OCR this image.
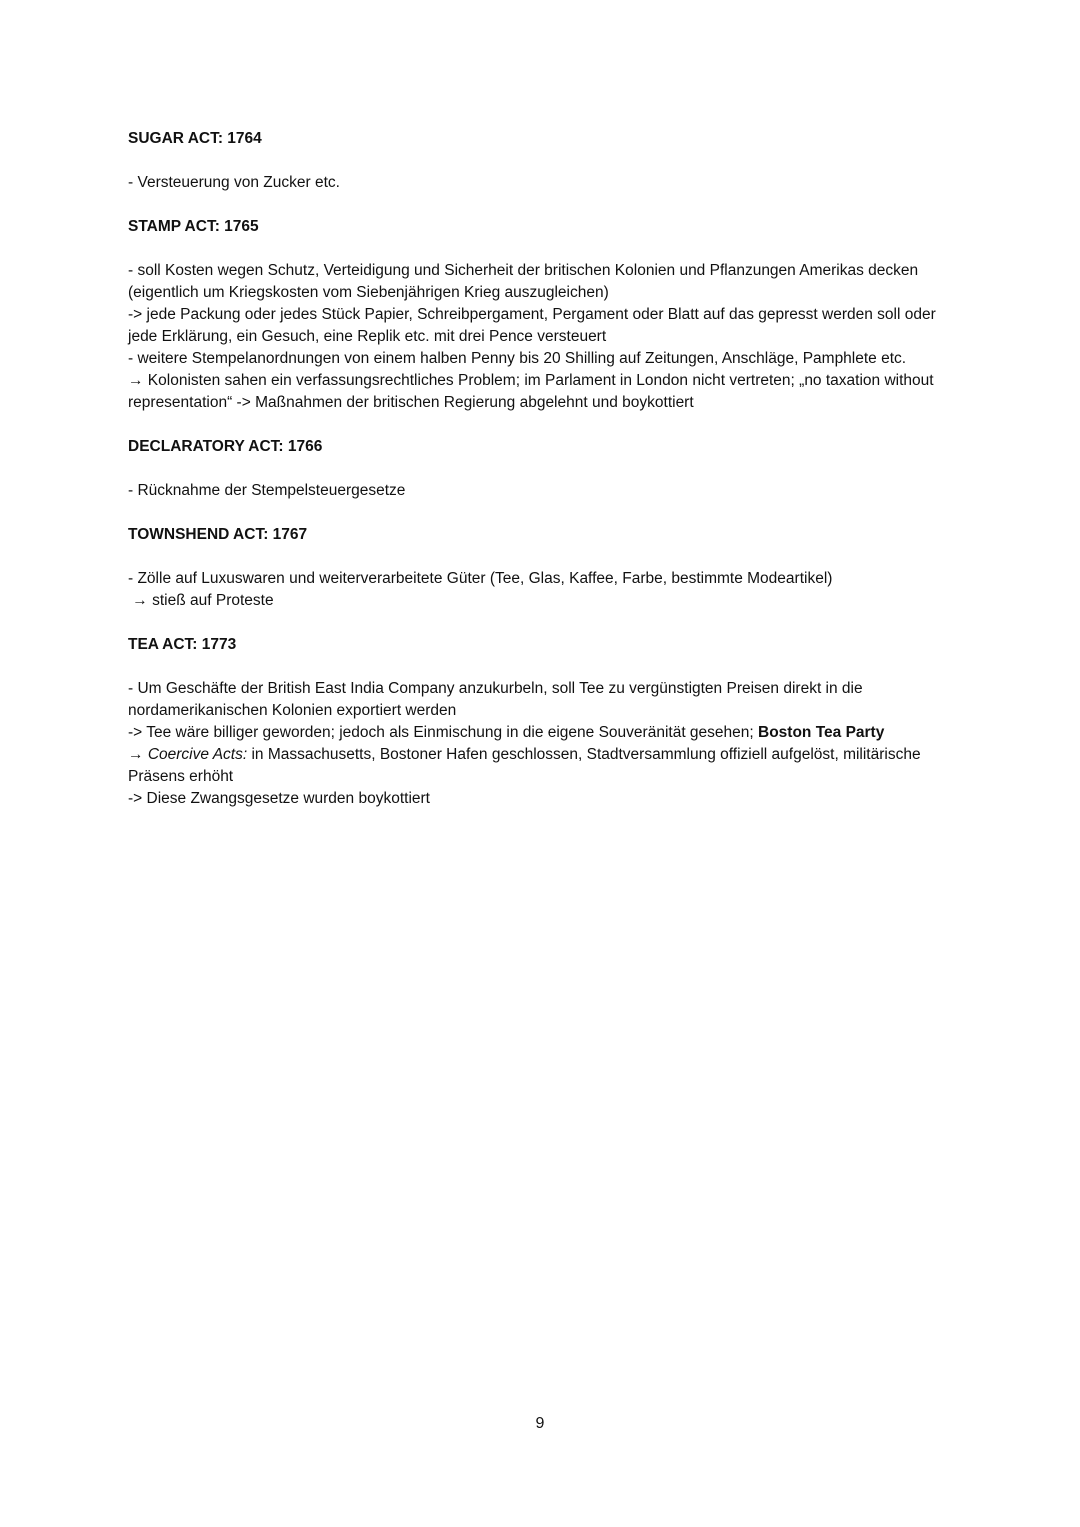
SUGAR ACT: 1764

- Versteuerung von Zucker etc.

STAMP ACT: 1765

- soll Kosten wegen Schutz, Verteidigung und Sicherheit der britischen Kolonien und Pflanzungen Amerikas decken (eigentlich um Kriegskosten vom Siebenjährigen Krieg auszugleichen)

-> jede Packung oder jedes Stück Papier, Schreibpergament, Pergament oder Blatt auf das gepresst werden soll oder jede Erklärung, ein Gesuch, eine Replik etc. mit drei Pence versteuert

- weitere Stempelanordnungen von einem halben Penny bis 20 Shilling auf Zeitungen, Anschläge, Pamphlete etc.

→ Kolonisten sahen ein verfassungsrechtliches Problem; im Parlament in London nicht vertreten; „no taxation without representation“ -> Maßnahmen der britischen Regierung abgelehnt und boykottiert

DECLARATORY ACT: 1766

- Rücknahme der Stempelsteuergesetze

TOWNSHEND ACT: 1767

- Zölle auf Luxuswaren und weiterverarbeitete Güter (Tee, Glas, Kaffee, Farbe, bestimmte Modeartikel)

→ stieß auf Proteste

TEA ACT: 1773

- Um Geschäfte der British East India Company anzukurbeln, soll Tee zu vergünstigten Preisen direkt in die nordamerikanischen Kolonien exportiert werden

-> Tee wäre billiger geworden; jedoch als Einmischung in die eigene Souveränität gesehen; Boston Tea Party

→ Coercive Acts: in Massachusetts, Bostoner Hafen geschlossen, Stadtversammlung offiziell aufgelöst, militärische Präsens erhöht

-> Diese Zwangsgesetze wurden boykottiert

9
